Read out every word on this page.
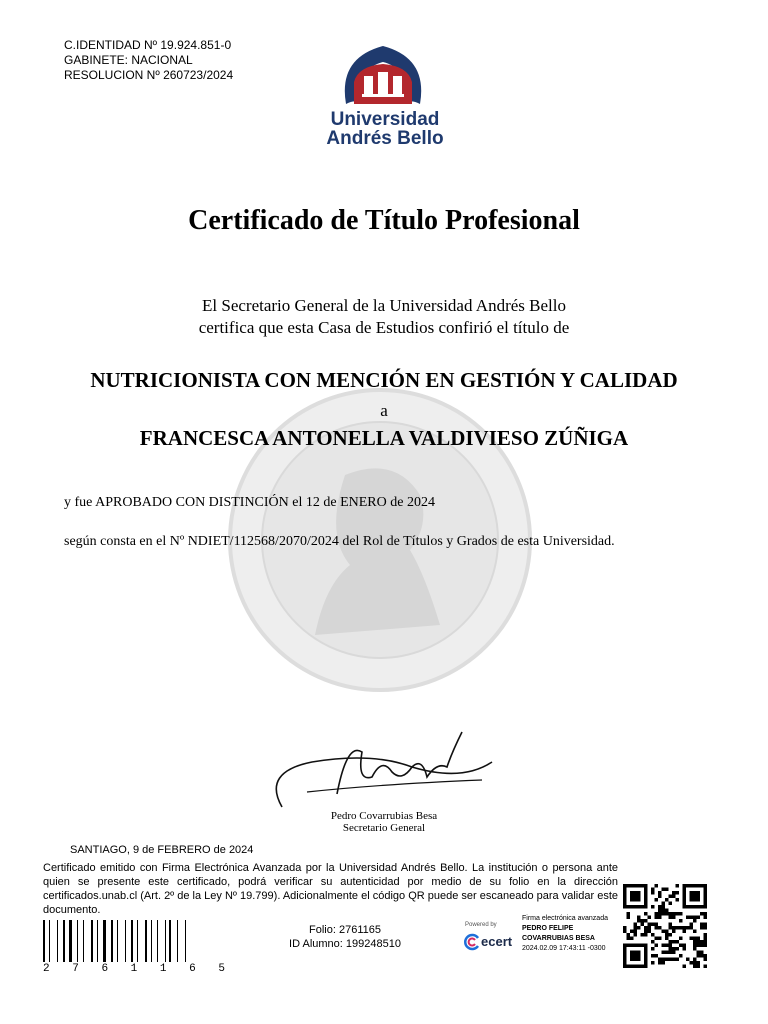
C.IDENTIDAD Nº 19.924.851-0
GABINETE: NACIONAL
RESOLUCION Nº 260723/2024
Universidad
Andrés Bello
Certificado de Título Profesional
El Secretario General de la Universidad Andrés Bello
certifica que esta Casa de Estudios confirió el título de
NUTRICIONISTA CON MENCIÓN EN GESTIÓN Y CALIDAD
a
FRANCESCA ANTONELLA VALDIVIESO ZÚÑIGA
y fue APROBADO CON DISTINCIÓN el 12 de ENERO de 2024
según consta en el Nº NDIET/112568/2070/2024 del Rol de Títulos y Grados de esta Universidad.
Pedro Covarrubias Besa
Secretario General
SANTIAGO, 9 de FEBRERO de 2024
Certificado emitido con Firma Electrónica Avanzada por la Universidad Andrés Bello. La institución o persona ante quien se presente este certificado, podrá verificar su autenticidad por medio de su folio en la dirección certificados.unab.cl (Art. 2º de la Ley Nº 19.799). Adicionalmente el código QR puede ser escaneado para validar este documento.
Folio: 2761165
ID Alumno: 199248510
2 7 6 1 1 6 5
Powered by
ecert
Firma electrónica avanzada
PEDRO FELIPE
COVARRUBIAS BESA
2024.02.09 17:43:11 -0300
